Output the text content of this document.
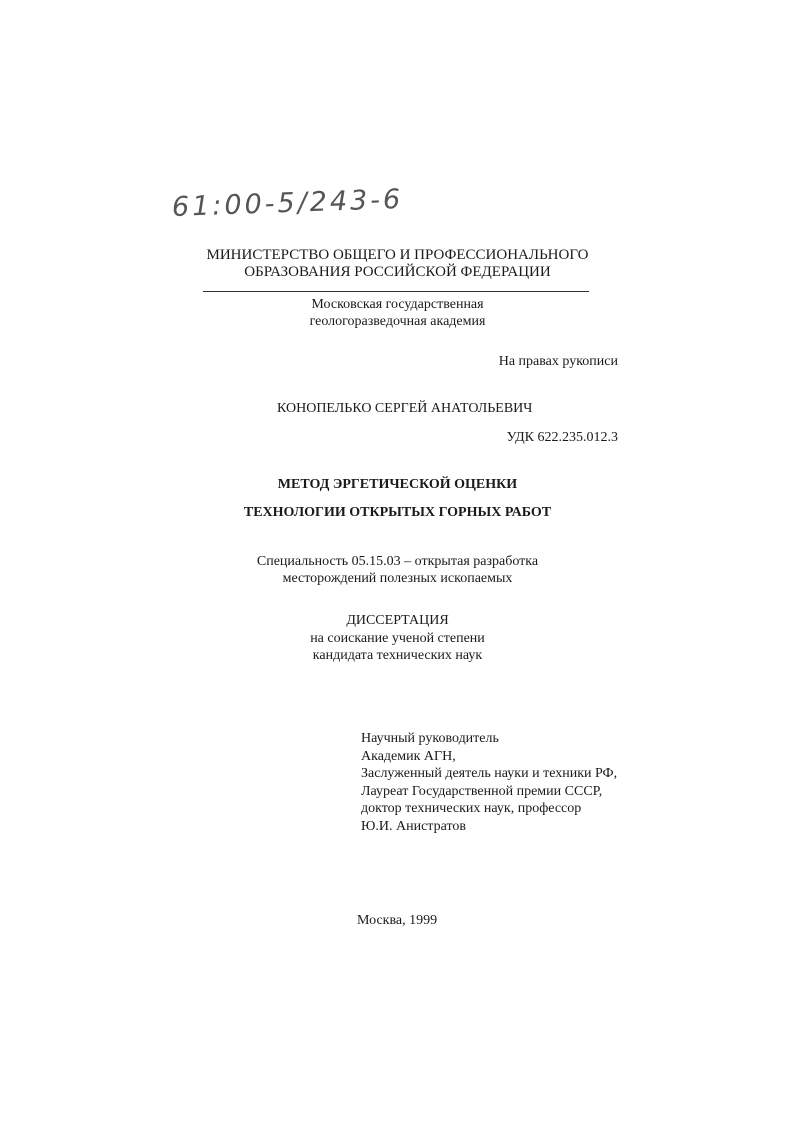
61:00-5/243-6
МИНИСТЕРСТВО ОБЩЕГО И ПРОФЕССИОНАЛЬНОГО
ОБРАЗОВАНИЯ РОССИЙСКОЙ ФЕДЕРАЦИИ
Московская государственная
геологоразведочная академия
На правах рукописи
КОНОПЕЛЬКО СЕРГЕЙ АНАТОЛЬЕВИЧ
УДК 622.235.012.3
МЕТОД ЭРГЕТИЧЕСКОЙ ОЦЕНКИ
ТЕХНОЛОГИИ ОТКРЫТЫХ ГОРНЫХ РАБОТ
Специальность 05.15.03 – открытая разработка
месторождений полезных ископаемых
ДИССЕРТАЦИЯ
на соискание ученой степени
кандидата технических наук
Научный руководитель
Академик АГН,
Заслуженный деятель науки и техники РФ,
Лауреат Государственной премии СССР,
доктор технических наук, профессор
Ю.И. Анистратов
Москва, 1999
